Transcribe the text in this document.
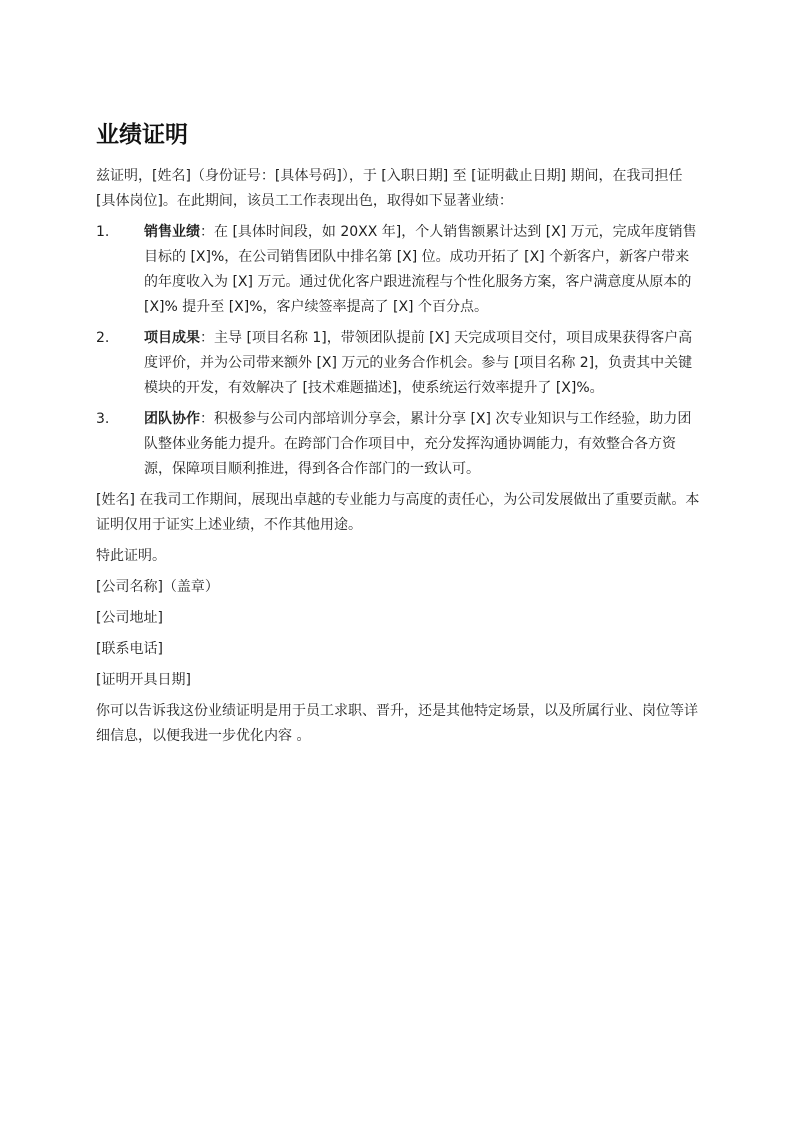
业绩证明

兹证明，[姓名]（身份证号：[具体号码]），于 [入职日期] 至 [证明截止日期] 期间，在我司担任 [具体岗位]。在此期间，该员工工作表现出色，取得如下显著业绩：

1. 销售业绩：在 [具体时间段，如 20XX 年]，个人销售额累计达到 [X] 万元，完成年度销售目标的 [X]%，在公司销售团队中排名第 [X] 位。成功开拓了 [X] 个新客户，新客户带来的年度收入为 [X] 万元。通过优化客户跟进流程与个性化服务方案，客户满意度从原本的 [X]% 提升至 [X]%，客户续签率提高了 [X] 个百分点。
2. 项目成果：主导 [项目名称 1]，带领团队提前 [X] 天完成项目交付，项目成果获得客户高度评价，并为公司带来额外 [X] 万元的业务合作机会。参与 [项目名称 2]，负责其中关键模块的开发，有效解决了 [技术难题描述]，使系统运行效率提升了 [X]%。
3. 团队协作：积极参与公司内部培训分享会，累计分享 [X] 次专业知识与工作经验，助力团队整体业务能力提升。在跨部门合作项目中，充分发挥沟通协调能力，有效整合各方资源，保障项目顺利推进，得到各合作部门的一致认可。

[姓名] 在我司工作期间，展现出卓越的专业能力与高度的责任心，为公司发展做出了重要贡献。本证明仅用于证实上述业绩，不作其他用途。

特此证明。

[公司名称]（盖章）

[公司地址]

[联系电话]

[证明开具日期]

你可以告诉我这份业绩证明是用于员工求职、晋升，还是其他特定场景，以及所属行业、岗位等详细信息，以便我进一步优化内容 。
